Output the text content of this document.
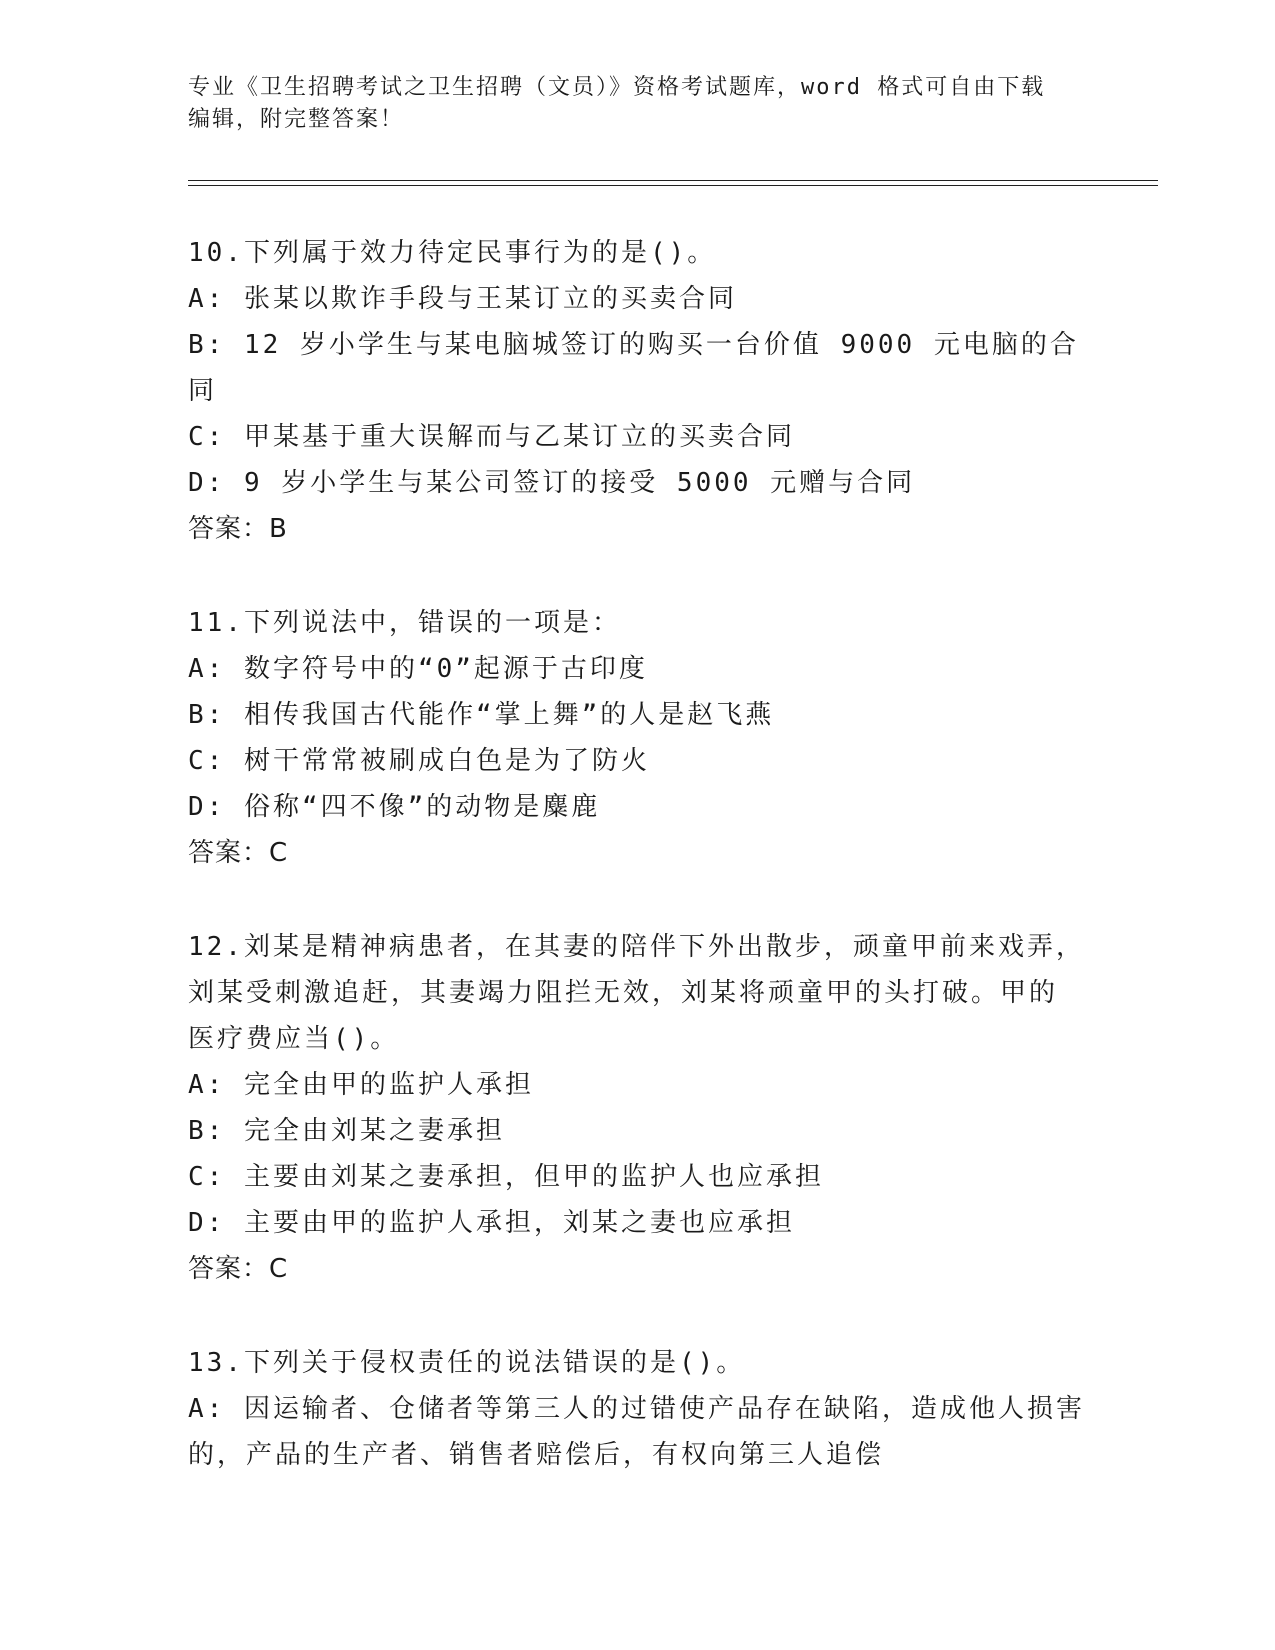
专业《卫生招聘考试之卫生招聘（文员）》资格考试题库，word 格式可自由下载
编辑，附完整答案！
10.下列属于效力待定民事行为的是()。
A: 张某以欺诈手段与王某订立的买卖合同
B: 12 岁小学生与某电脑城签订的购买一台价值 9000 元电脑的合同
C: 甲某基于重大误解而与乙某订立的买卖合同
D: 9 岁小学生与某公司签订的接受 5000 元赠与合同
答案：B
11.下列说法中，错误的一项是：
A: 数字符号中的“0”起源于古印度
B: 相传我国古代能作“掌上舞”的人是赵飞燕
C: 树干常常被刷成白色是为了防火
D: 俗称“四不像”的动物是麋鹿
答案：C
12.刘某是精神病患者，在其妻的陪伴下外出散步，顽童甲前来戏弄，
刘某受刺激追赶，其妻竭力阻拦无效，刘某将顽童甲的头打破。甲的
医疗费应当()。
A: 完全由甲的监护人承担
B: 完全由刘某之妻承担
C: 主要由刘某之妻承担，但甲的监护人也应承担
D: 主要由甲的监护人承担，刘某之妻也应承担
答案：C
13.下列关于侵权责任的说法错误的是()。
A: 因运输者、仓储者等第三人的过错使产品存在缺陷，造成他人损害
的，产品的生产者、销售者赔偿后，有权向第三人追偿
